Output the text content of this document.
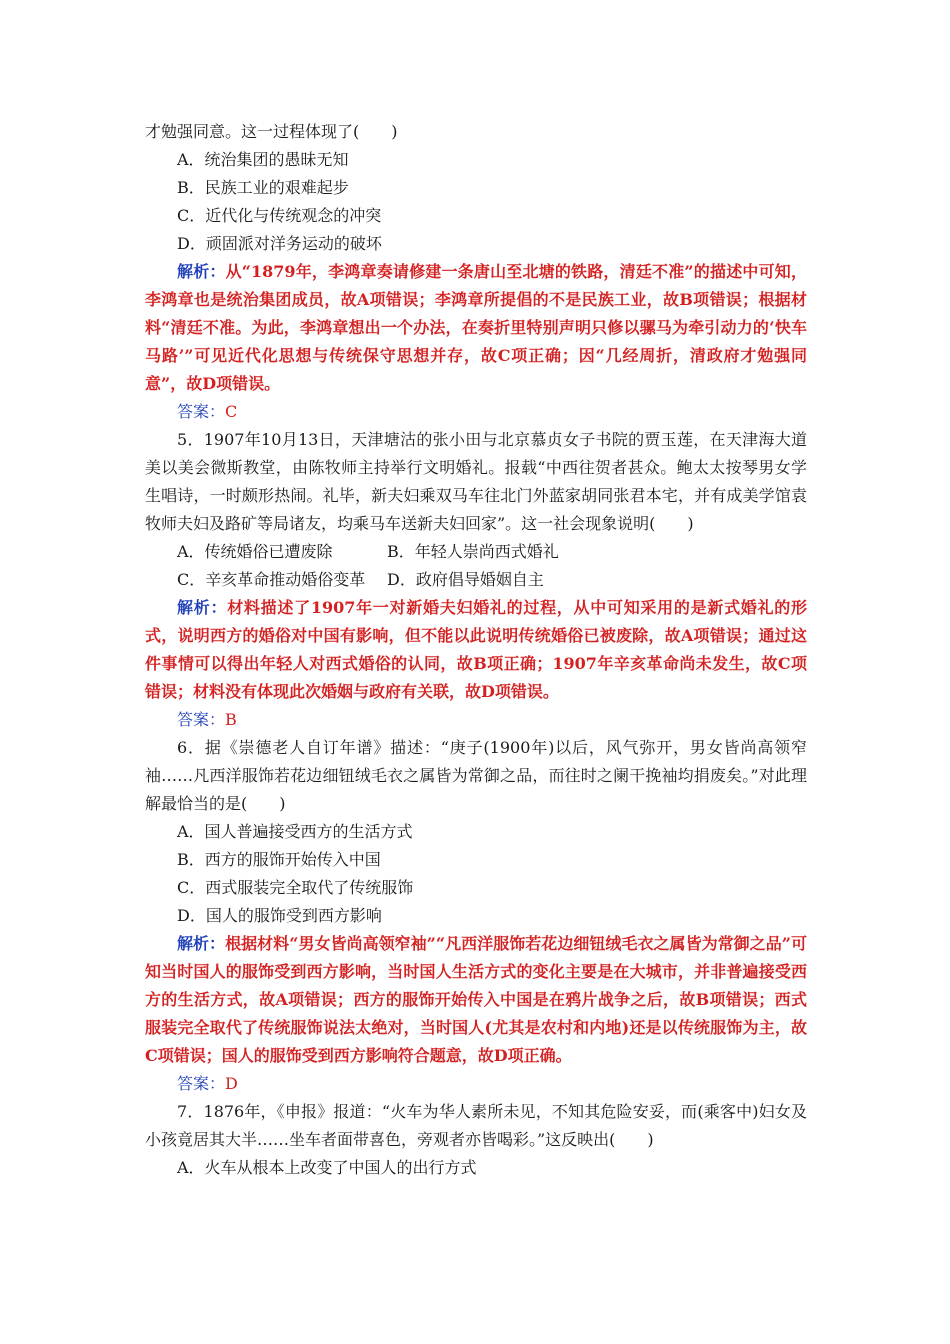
才勉强同意。这一过程体现了(　　)

A．统治集团的愚昧无知

B．民族工业的艰难起步

C．近代化与传统观念的冲突

D．顽固派对洋务运动的破坏

解析：从“1879年，李鸿章奏请修建一条唐山至北塘的铁路，清廷不准”的描述中可知，李鸿章也是统治集团成员，故A项错误；李鸿章所提倡的不是民族工业，故B项错误；根据材料“清廷不准。为此，李鸿章想出一个办法，在奏折里特别声明只修以骡马为牵引动力的‘快车马路’”可见近代化思想与传统保守思想并存，故C项正确；因“几经周折，清政府才勉强同意”，故D项错误。

答案：C

5．1907年10月13日，天津塘沽的张小田与北京慕贞女子书院的贾玉莲，在天津海大道美以美会微斯教堂，由陈牧师主持举行文明婚礼。报载“中西往贺者甚众。鲍太太按琴男女学生唱诗，一时颇形热闹。礼毕，新夫妇乘双马车往北门外蓝家胡同张君本宅，并有成美学馆袁牧师夫妇及路矿等局诸友，均乘马车送新夫妇回家”。这一社会现象说明(　　)

A．传统婚俗已遭废除	B．年轻人崇尚西式婚礼
C．辛亥革命推动婚俗变革	D．政府倡导婚姻自主

解析：材料描述了1907年一对新婚夫妇婚礼的过程，从中可知采用的是新式婚礼的形式，说明西方的婚俗对中国有影响，但不能以此说明传统婚俗已被废除，故A项错误；通过这件事情可以得出年轻人对西式婚俗的认同，故B项正确；1907年辛亥革命尚未发生，故C项错误；材料没有体现此次婚姻与政府有关联，故D项错误。

答案：B

6．据《崇德老人自订年谱》描述：“庚子(1900年)以后，风气弥开，男女皆尚高领窄袖……凡西洋服饰若花边细钮绒毛衣之属皆为常御之品，而往时之阑干挽袖均捐废矣。”对此理解最恰当的是(　　)

A．国人普遍接受西方的生活方式

B．西方的服饰开始传入中国

C．西式服装完全取代了传统服饰

D．国人的服饰受到西方影响

解析：根据材料“男女皆尚高领窄袖”“凡西洋服饰若花边细钮绒毛衣之属皆为常御之品”可知当时国人的服饰受到西方影响，当时国人生活方式的变化主要是在大城市，并非普遍接受西方的生活方式，故A项错误；西方的服饰开始传入中国是在鸦片战争之后，故B项错误；西式服装完全取代了传统服饰说法太绝对，当时国人(尤其是农村和内地)还是以传统服饰为主，故C项错误；国人的服饰受到西方影响符合题意，故D项正确。

答案：D

7．1876年，《申报》报道：“火车为华人素所未见，不知其危险安妥，而(乘客中)妇女及小孩竟居其大半……坐车者面带喜色，旁观者亦皆喝彩。”这反映出(　　)

A．火车从根本上改变了中国人的出行方式
